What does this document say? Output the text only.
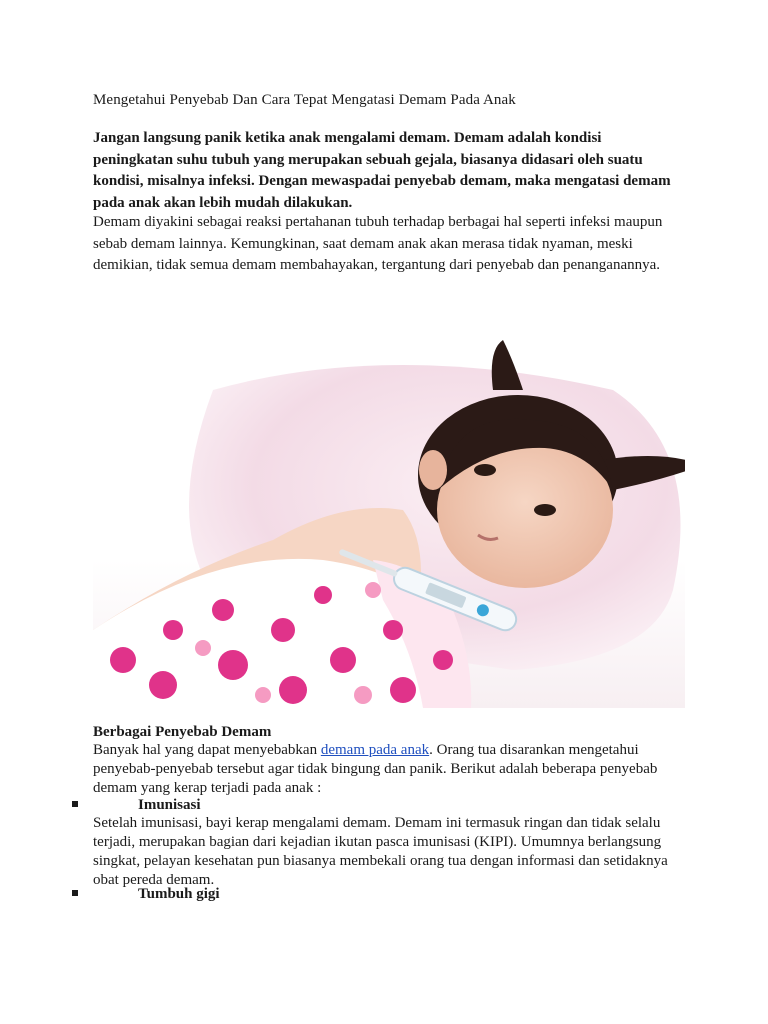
Mengetahui Penyebab Dan Cara Tepat Mengatasi Demam Pada Anak

Jangan langsung panik ketika anak mengalami demam. Demam adalah kondisi peningkatan suhu tubuh yang merupakan sebuah gejala, biasanya didasari oleh suatu kondisi, misalnya infeksi. Dengan mewaspadai penyebab demam, maka mengatasi demam pada anak akan lebih mudah dilakukan.

Demam diyakini sebagai reaksi pertahanan tubuh terhadap berbagai hal seperti infeksi maupun sebab demam lainnya. Kemungkinan, saat demam anak akan merasa tidak nyaman, meski demikian, tidak semua demam membahayakan, tergantung dari penyebab dan penanganannya.

Berbagai Penyebab Demam

Banyak hal yang dapat menyebabkan demam pada anak. Orang tua disarankan mengetahui penyebab-penyebab tersebut agar tidak bingung dan panik. Berikut adalah beberapa penyebab demam yang kerap terjadi pada anak :

Imunisasi

Setelah imunisasi, bayi kerap mengalami demam. Demam ini termasuk ringan dan tidak selalu terjadi, merupakan bagian dari kejadian ikutan pasca imunisasi (KIPI). Umumnya berlangsung singkat, pelayan kesehatan pun biasanya membekali orang tua dengan informasi dan setidaknya obat pereda demam.

Tumbuh gigi
